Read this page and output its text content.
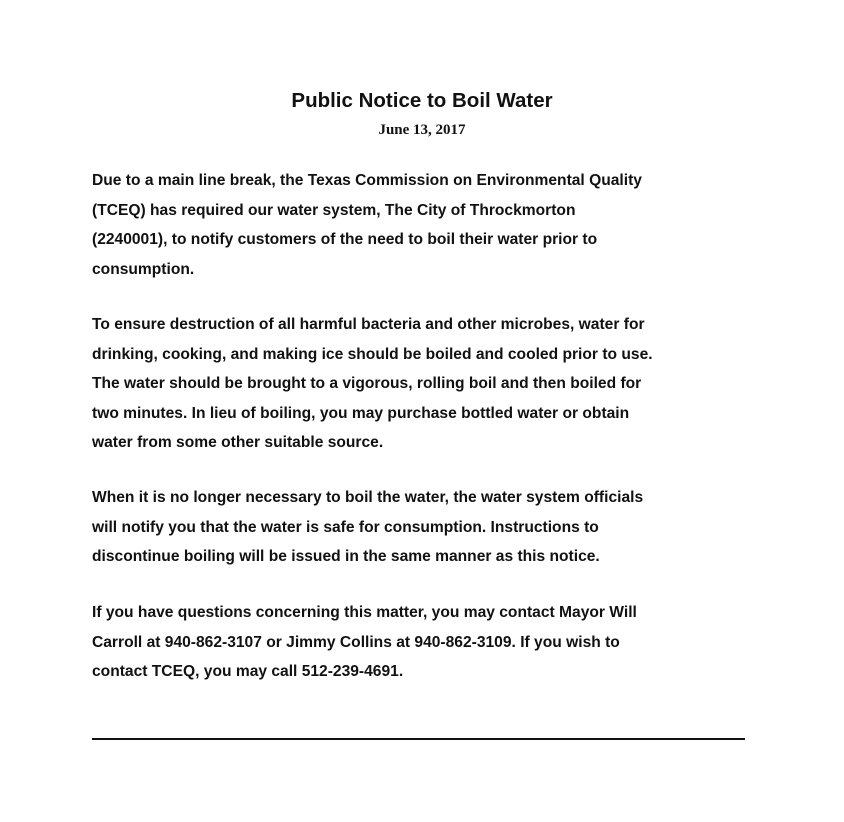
Public Notice to Boil Water
June 13, 2017

Due to a main line break, the Texas Commission on Environmental Quality
(TCEQ) has required our water system, The City of Throckmorton
(2240001), to notify customers of the need to boil their water prior to
consumption.

To ensure destruction of all harmful bacteria and other microbes, water for
drinking, cooking, and making ice should be boiled and cooled prior to use.
The water should be brought to a vigorous, rolling boil and then boiled for
two minutes. In lieu of boiling, you may purchase bottled water or obtain
water from some other suitable source.

When it is no longer necessary to boil the water, the water system officials
will notify you that the water is safe for consumption. Instructions to
discontinue boiling will be issued in the same manner as this notice.

If you have questions concerning this matter, you may contact Mayor Will
Carroll at 940-862-3107 or Jimmy Collins at 940-862-3109. If you wish to
contact TCEQ, you may call 512-239-4691.
